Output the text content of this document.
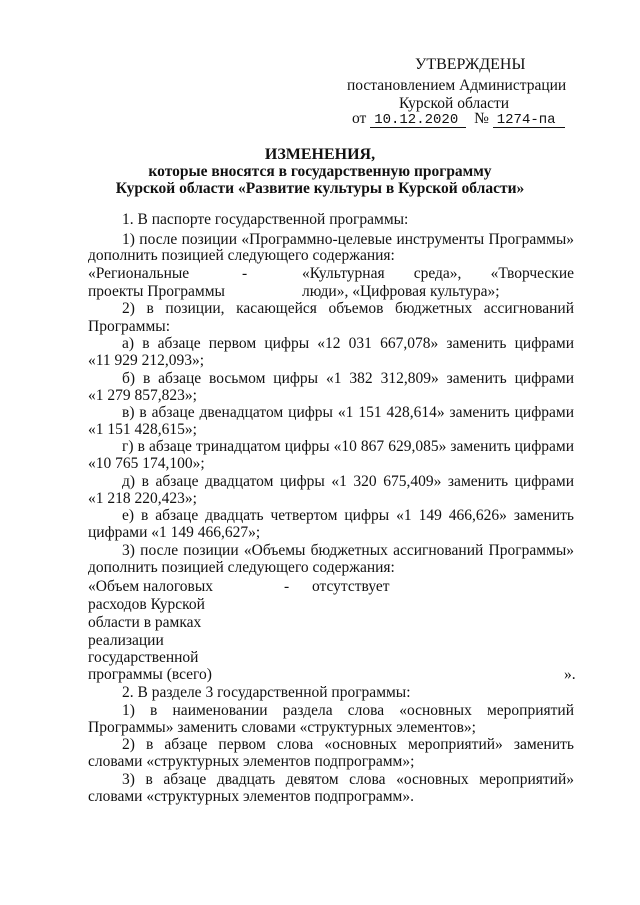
УТВЕРЖДЕНЫ
постановлением Администрации
Курской области
от 10.12.2020 № 1274-па
ИЗМЕНЕНИЯ,
которые вносятся в государственную программу
Курской области «Развитие культуры в Курской области»
1. В паспорте государственной программы:
1) после позиции «Программно-целевые инструменты Программы»
дополнить позицией следующего содержания:
«Региональные
проекты Программы
-	«Культурная среда», «Творческие
люди», «Цифровая культура»;
2) в позиции, касающейся объемов бюджетных ассигнований
Программы:
а) в абзаце первом цифры «12 031 667,078» заменить цифрами
«11 929 212,093»;
б) в абзаце восьмом цифры «1 382 312,809» заменить цифрами
«1 279 857,823»;
в) в абзаце двенадцатом цифры «1 151 428,614» заменить цифрами
«1 151 428,615»;
г) в абзаце тринадцатом цифры «10 867 629,085» заменить цифрами
«10 765 174,100»;
д) в абзаце двадцатом цифры «1 320 675,409» заменить цифрами
«1 218 220,423»;
е) в абзаце двадцать четвертом цифры «1 149 466,626» заменить
цифрами «1 149 466,627»;
3) после позиции «Объемы бюджетных ассигнований Программы»
дополнить позицией следующего содержания:
«Объем налоговых
расходов Курской
области в рамках
реализации
государственной
программы (всего)
- отсутствует
».
2. В разделе 3 государственной программы:
1) в наименовании раздела слова «основных мероприятий
Программы» заменить словами «структурных элементов»;
2) в абзаце первом слова «основных мероприятий» заменить
словами «структурных элементов подпрограмм»;
3) в абзаце двадцать девятом слова «основных мероприятий»
словами «структурных элементов подпрограмм».
